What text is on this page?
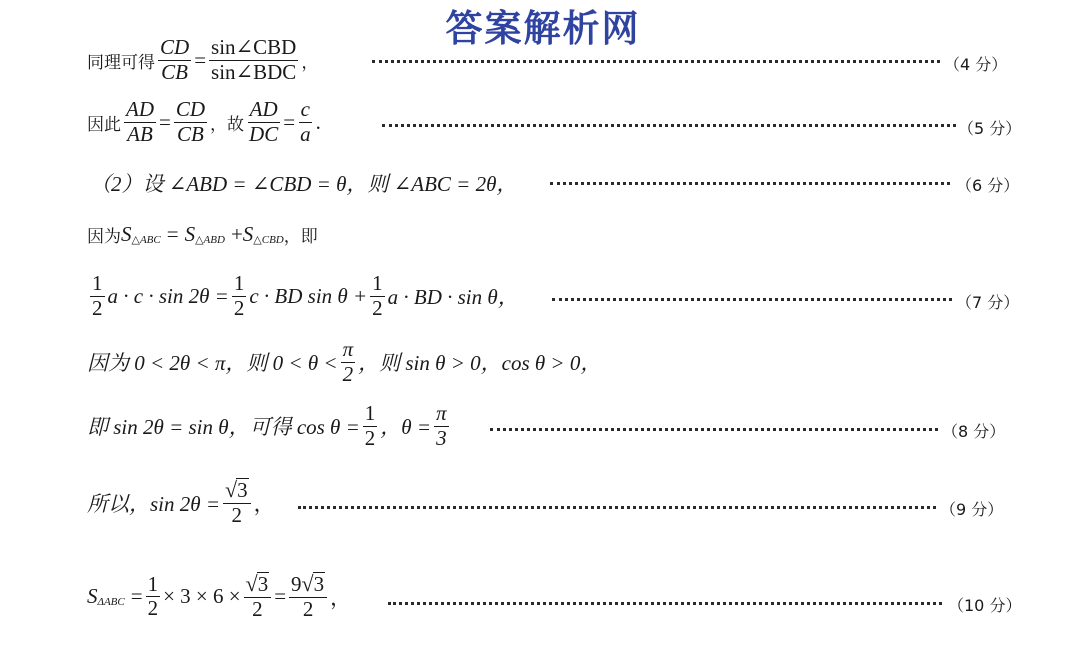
答案解析网
同理可得 $\frac{CD}{CB} = \frac{\text{sin∠CBD}}{\text{sin∠BDC}}$ ，	（4 分）
因此 $\frac{AD}{AB} = \frac{CD}{CB}$ ，故 $\frac{AD}{DC} = \frac{c}{a}$ .	（5 分）
（2）设 ∠ABD = ∠CBD = θ，则 ∠ABC = 2θ，	（6 分）
因为 S △ABC = S △ABD + S △CBD ，即
$\frac{1}{2}$ $a \cdot c \cdot \sin 2\theta = \frac{1}{2}$ c · BD $\sin \theta + \frac{1}{2}$ a · BD · sin θ，	（7 分）
因为 0 < 2θ < π，则 $0 < \theta < \frac{\pi}{2}$ ，则 sin θ > 0，cos θ > 0，
即 sin 2θ = sin θ，可得 $\cos \theta = \frac{1}{2}$ ，$\theta = \frac{\pi}{3}$	（8 分）
所以，$\sin 2\theta = \frac{√ 3}{2}$ ，	（9 分）
S $\Delta ABC = \frac{1}{2} \times 3 \times 6 \times \frac{√ 3}{2} = \frac{9 √ 3}{2}$ ，	（10 分）
